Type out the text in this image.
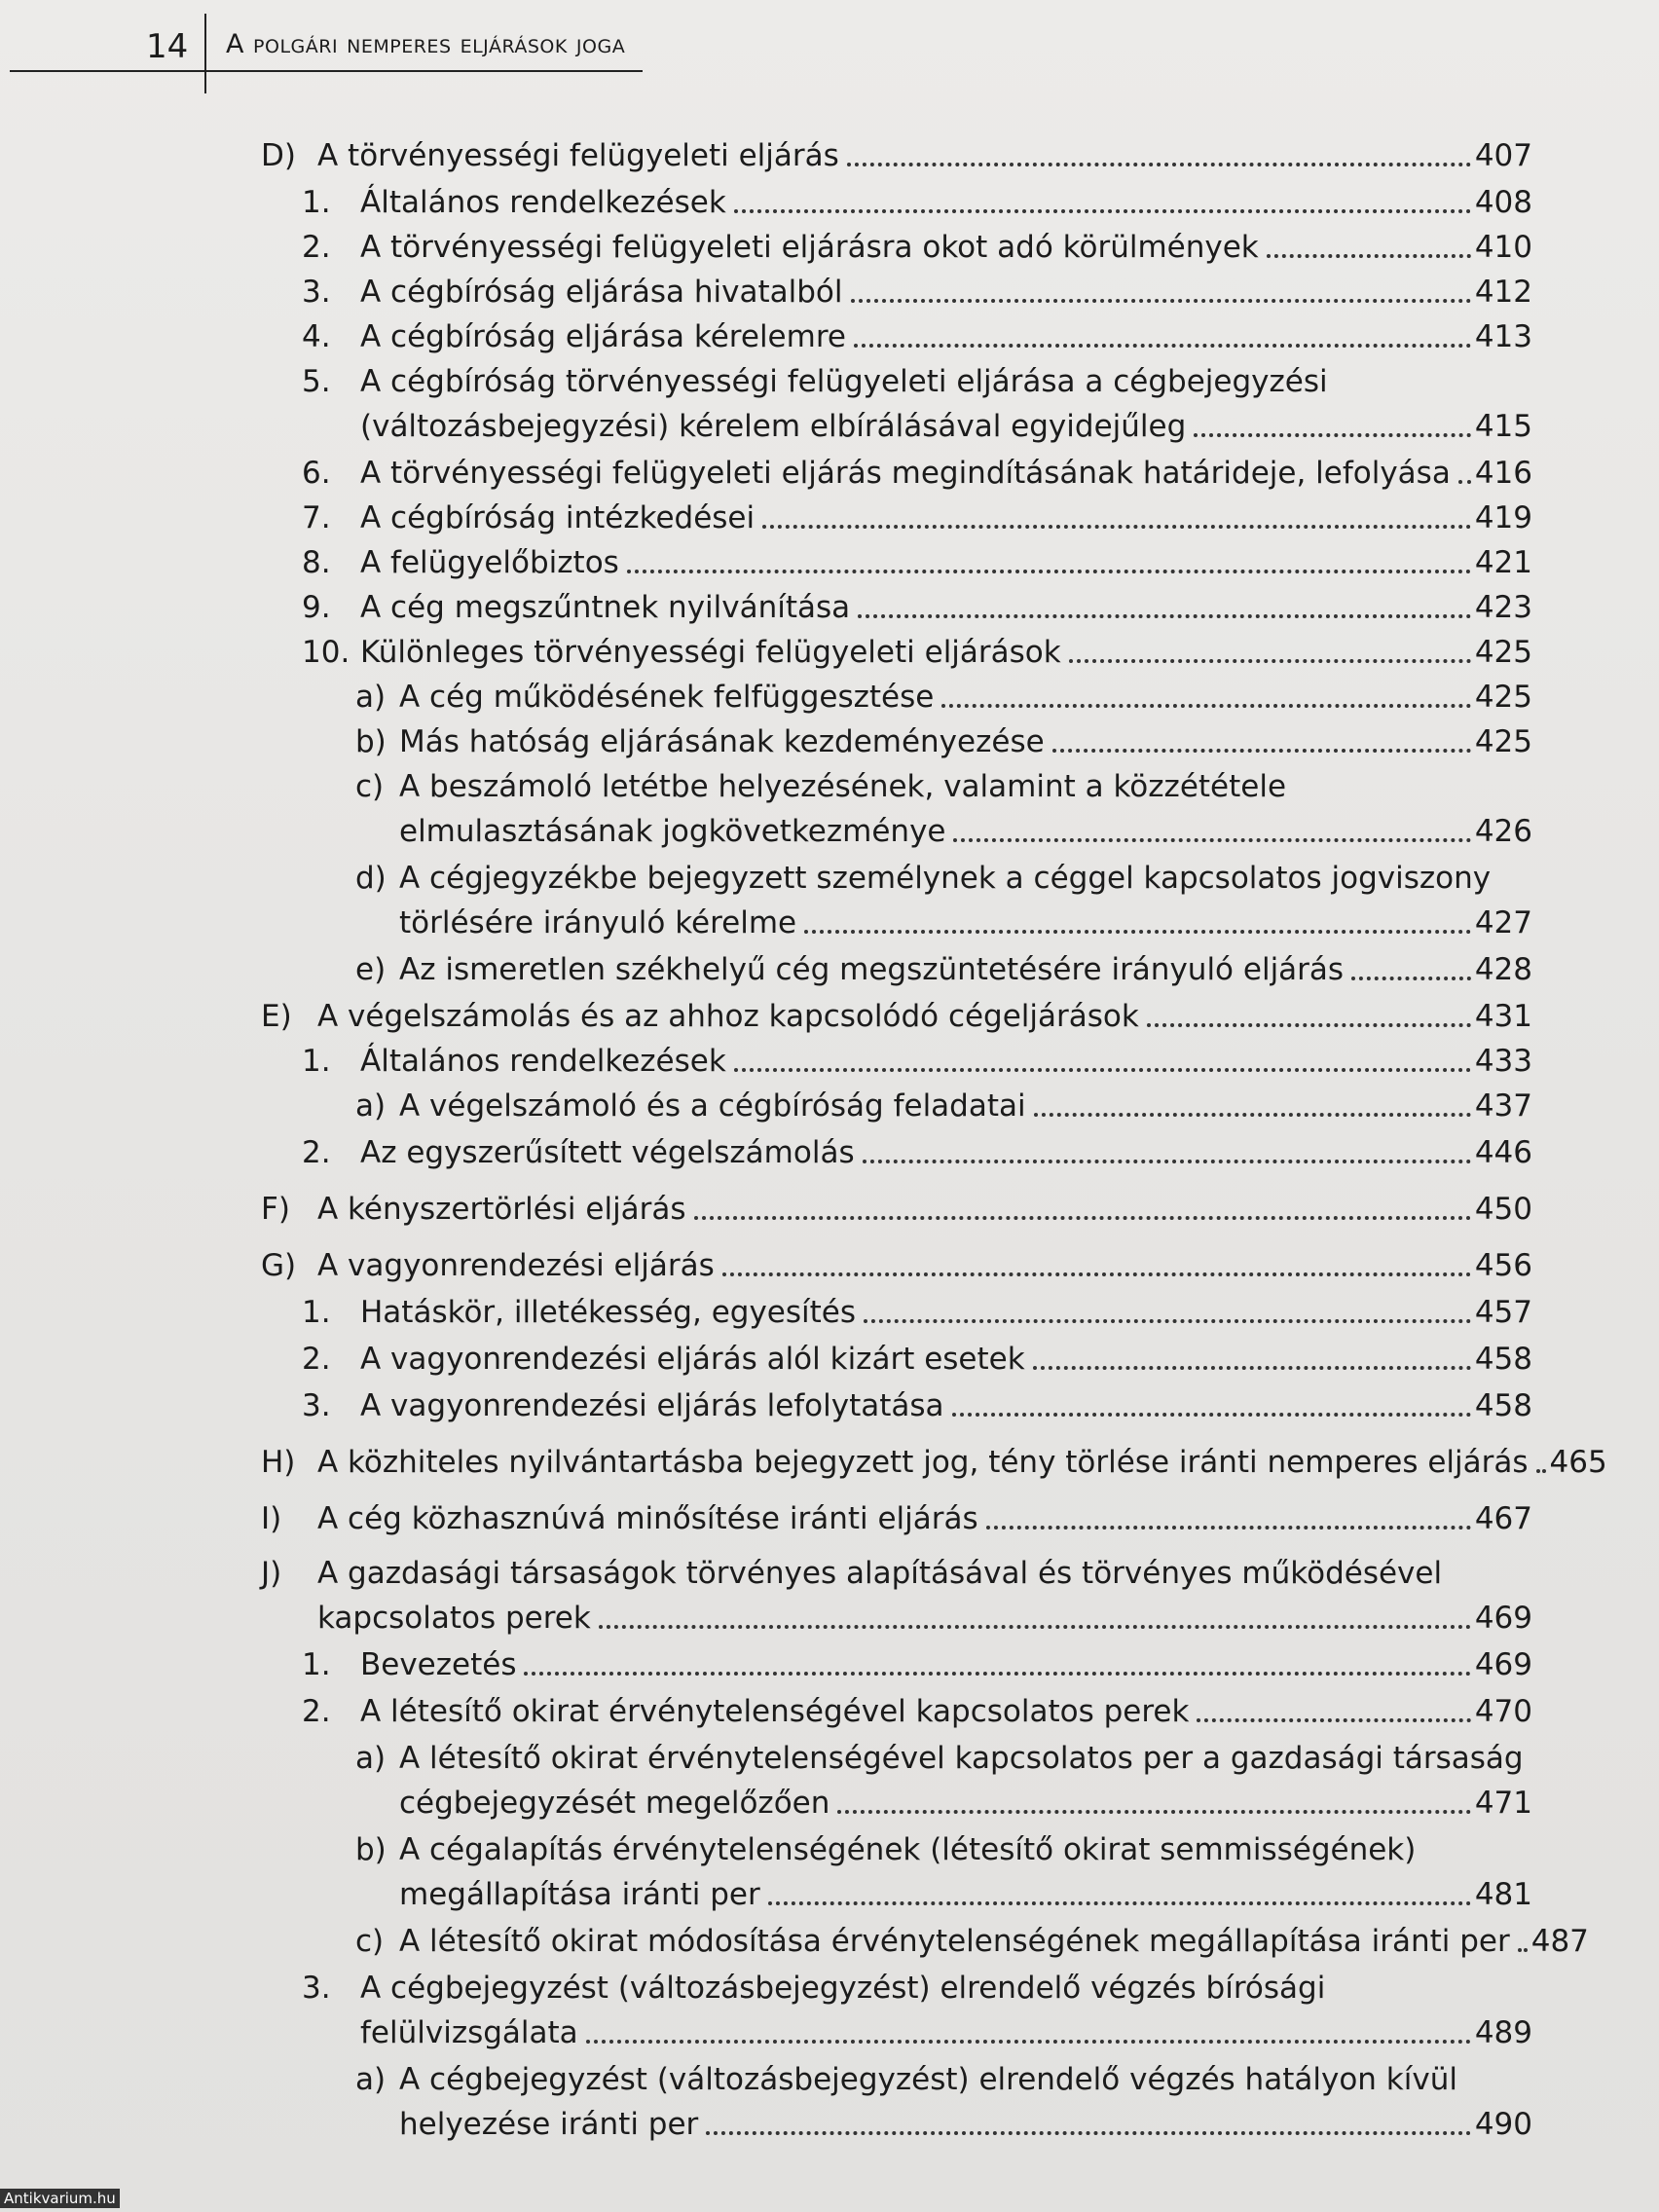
14 A polgári nemperes eljárások joga
D) A törvényességi felügyeleti eljárás	407
1. Általános rendelkezések	408
2. A törvényességi felügyeleti eljárásra okot adó körülmények	410
3. A cégbíróság eljárása hivatalból	412
4. A cégbíróság eljárása kérelemre	413
5. A cégbíróság törvényességi felügyeleti eljárása a cégbejegyzési
(változásbejegyzési) kérelem elbírálásával egyidejűleg	415
6. A törvényességi felügyeleti eljárás megindításának határideje, lefolyása 416
7. A cégbíróság intézkedései	419
8. A felügyelőbiztos	421
9. A cég megszűntnek nyilvánítása	423
10. Különleges törvényességi felügyeleti eljárások	425
a) A cég működésének felfüggesztése	425
b) Más hatóság eljárásának kezdeményezése	425
c) A beszámoló letétbe helyezésének, valamint a közzététele
elmulasztásának jogkövetkezménye	426
d) A cégjegyzékbe bejegyzett személynek a céggel kapcsolatos jogviszony
törlésére irányuló kérelme	427
e) Az ismeretlen székhelyű cég megszüntetésére irányuló eljárás	428
E) A végelszámolás és az ahhoz kapcsolódó cégeljárások	431
1. Általános rendelkezések	433
a) A végelszámoló és a cégbíróság feladatai	437
2. Az egyszerűsített végelszámolás	446
F) A kényszertörlési eljárás	450
G) A vagyonrendezési eljárás	456
1. Hatáskör, illetékesség, egyesítés	457
2. A vagyonrendezési eljárás alól kizárt esetek	458
3. A vagyonrendezési eljárás lefolytatása	458
H) A közhiteles nyilvántartásba bejegyzett jog, tény törlése iránti nemperes eljárás 465
I)	A cég közhasznúvá minősítése iránti eljárás	467
J)	A gazdasági társaságok törvényes alapításával és törvényes működésével
kapcsolatos perek	469
1. Bevezetés	469
2. A létesítő okirat érvénytelenségével kapcsolatos perek	470
a) A létesítő okirat érvénytelenségével kapcsolatos per a gazdasági társaság
cégbejegyzését megelőzően	471
b) A cégalapítás érvénytelenségének (létesítő okirat semmisségének)
megállapítása iránti per	481
c) A létesítő okirat módosítása érvénytelenségének megállapítása iránti per 487
3. A cégbejegyzést (változásbejegyzést) elrendelő végzés bírósági
felülvizsgálata	489
a) A cégbejegyzést (változásbejegyzést) elrendelő végzés hatályon kívül
helyezése iránti per	490
Antikvarium.hu
